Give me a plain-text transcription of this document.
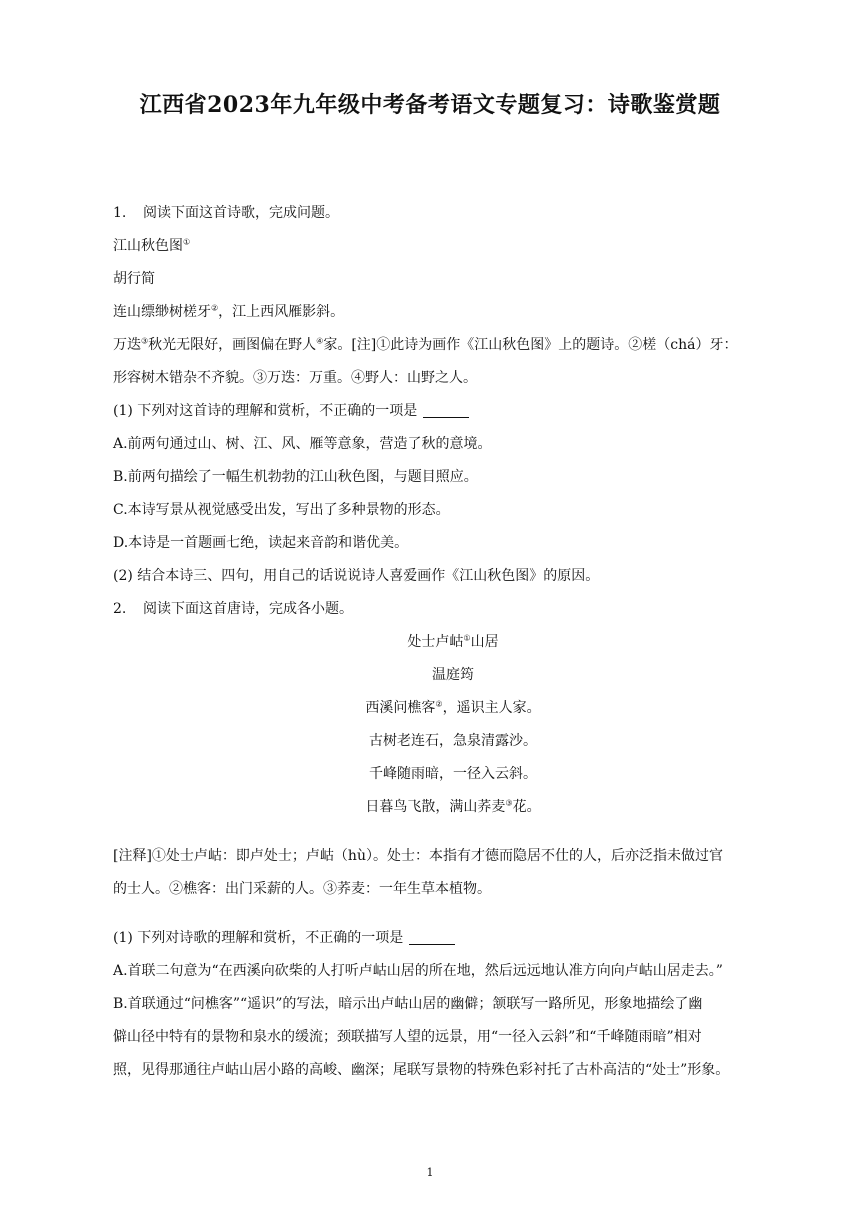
江西省2023年九年级中考备考语文专题复习：诗歌鉴赏题

1. 阅读下面这首诗歌，完成问题。

江山秋色图①

胡行简

连山缥缈树槎牙②，江上西风雁影斜。

万迭③秋光无限好，画图偏在野人④家。[注]①此诗为画作《江山秋色图》上的题诗。②槎（chá）牙：

形容树木错杂不齐貌。③万迭：万重。④野人：山野之人。

(1) 下列对这首诗的理解和赏析，不正确的一项是

A.前两句通过山、树、江、风、雁等意象，营造了秋的意境。

B.前两句描绘了一幅生机勃勃的江山秋色图，与题目照应。

C.本诗写景从视觉感受出发，写出了多种景物的形态。

D.本诗是一首题画七绝，读起来音韵和谐优美。

(2) 结合本诗三、四句，用自己的话说说诗人喜爱画作《江山秋色图》的原因。

2. 阅读下面这首唐诗，完成各小题。

处士卢岵①山居

温庭筠

西溪问樵客②，遥识主人家。

古树老连石，急泉清露沙。

千峰随雨暗，一径入云斜。

日暮鸟飞散，满山荞麦③花。

[注释]①处士卢岵：即卢处士；卢岵（hù）。处士：本指有才德而隐居不仕的人，后亦泛指未做过官

的士人。②樵客：出门采薪的人。③荞麦：一年生草本植物。

(1) 下列对诗歌的理解和赏析，不正确的一项是

A.首联二句意为“在西溪向砍柴的人打听卢岵山居的所在地，然后远远地认准方向向卢岵山居走去。”

B.首联通过“问樵客”“遥识”的写法，暗示出卢岵山居的幽僻；颔联写一路所见，形象地描绘了幽

僻山径中特有的景物和泉水的缓流；颈联描写人望的远景，用“一径入云斜”和“千峰随雨暗”相对

照，见得那通往卢岵山居小路的高峻、幽深；尾联写景物的特殊色彩衬托了古朴高洁的“处士”形象。

1
